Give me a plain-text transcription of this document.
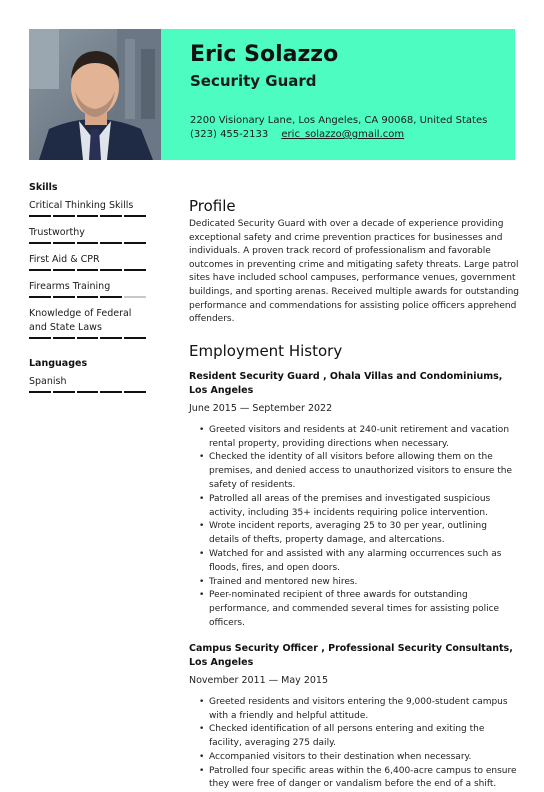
Eric Solazzo
Security Guard
2200 Visionary Lane, Los Angeles, CA 90068, United States
(323) 455-2133 eric_solazzo@gmail.com
Skills
Critical Thinking Skills
Trustworthy
First Aid & CPR
Firearms Training
Knowledge of Federal and State Laws
Languages
Spanish
Profile

Dedicated Security Guard with over a decade of experience providing exceptional safety and crime prevention practices for businesses and individuals. A proven track record of professionalism and favorable outcomes in preventing crime and mitigating safety threats. Large patrol sites have included school campuses, performance venues, government buildings, and sporting arenas. Received multiple awards for outstanding performance and commendations for assisting police officers apprehend offenders.

Employment History

Resident Security Guard , Ohala Villas and Condominiums, Los Angeles

June 2015 — September 2022

• Greeted visitors and residents at 240-unit retirement and vacation rental property, providing directions when necessary.
• Checked the identity of all visitors before allowing them on the premises, and denied access to unauthorized visitors to ensure the safety of residents.
• Patrolled all areas of the premises and investigated suspicious activity, including 35+ incidents requiring police intervention.
• Wrote incident reports, averaging 25 to 30 per year, outlining details of thefts, property damage, and altercations.
• Watched for and assisted with any alarming occurrences such as floods, fires, and open doors.
• Trained and mentored new hires.
• Peer-nominated recipient of three awards for outstanding performance, and commended several times for assisting police officers.

Campus Security Officer , Professional Security Consultants, Los Angeles

November 2011 — May 2015

• Greeted residents and visitors entering the 9,000-student campus with a friendly and helpful attitude.
• Checked identification of all persons entering and exiting the facility, averaging 275 daily.
• Accompanied visitors to their destination when necessary.
• Patrolled four specific areas within the 6,400-acre campus to ensure they were free of danger or vandalism before the end of a shift.
